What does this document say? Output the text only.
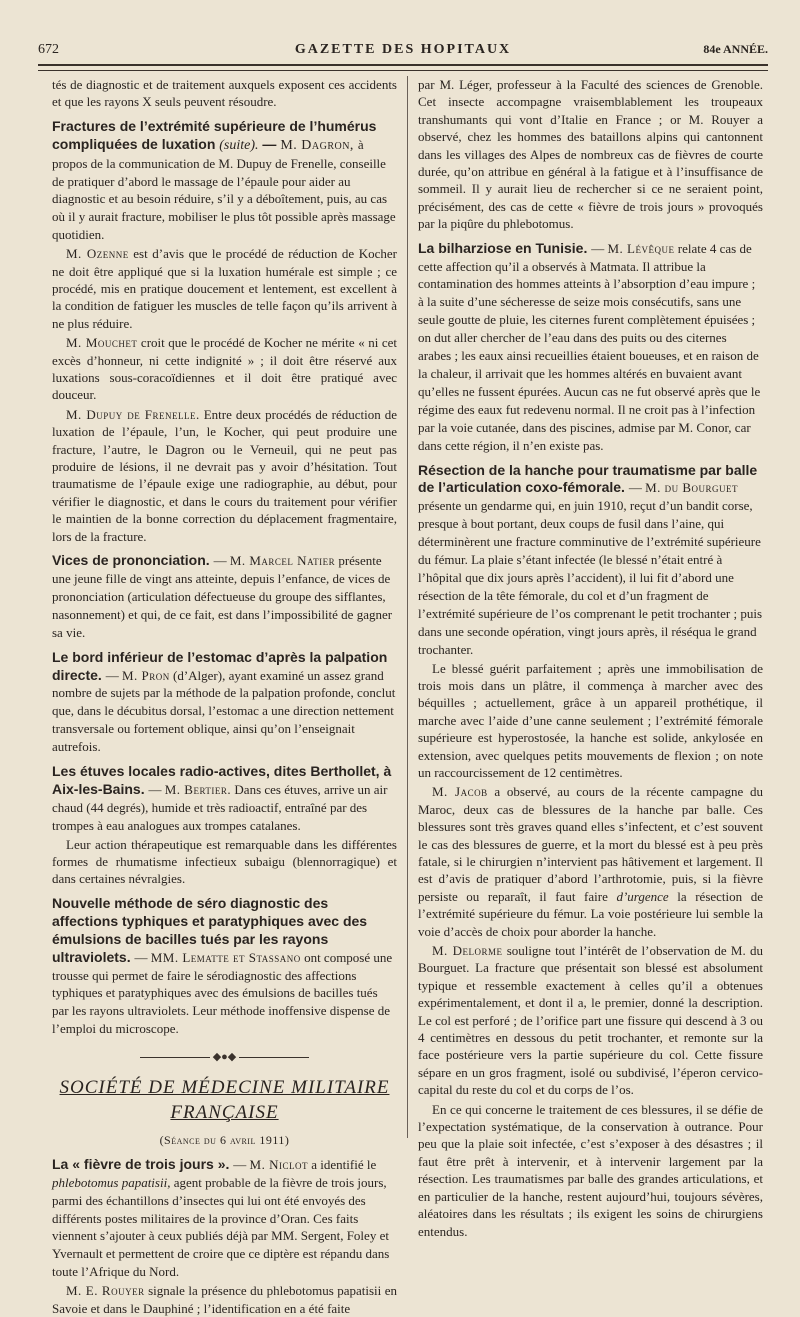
672	GAZETTE DES HOPITAUX	84e ANNÉE.

tés de diagnostic et de traitement auxquels exposent ces accidents et que les rayons X seuls peuvent résoudre.

Fractures de l’extrémité supérieure de l’humérus compliquées de luxation (suite). — M. Dagron, à propos de la communication de M. Dupuy de Frenelle, conseille de pratiquer d’abord le massage de l’épaule pour aider au diagnostic et au besoin réduire, s’il y a déboîtement, puis, au cas où il y aurait fracture, mobiliser le plus tôt possible après massage quotidien.

M. Ozenne est d’avis que le procédé de réduction de Kocher ne doit être appliqué que si la luxation humérale est simple ; ce procédé, mis en pratique doucement et lentement, est excellent à la condition de fatiguer les muscles de telle façon qu’ils arrivent à ne plus réduire.

M. Mouchet croit que le procédé de Kocher ne mérite « ni cet excès d’honneur, ni cette indignité » ; il doit être réservé aux luxations sous-coracoïdiennes et il doit être pratiqué avec douceur.

M. Dupuy de Frenelle. Entre deux procédés de réduction de luxation de l’épaule, l’un, le Kocher, qui peut produire une fracture, l’autre, le Dagron ou le Verneuil, qui ne peut pas produire de lésions, il ne devrait pas y avoir d’hésitation. Tout traumatisme de l’épaule exige une radiographie, au début, pour vérifier le diagnostic, et dans le cours du traitement pour vérifier le maintien de la bonne correction du déplacement fragmentaire, lors de la fracture.

Vices de prononciation. — M. Marcel Natier présente une jeune fille de vingt ans atteinte, depuis l’enfance, de vices de prononciation (articulation défectueuse du groupe des sifflantes, nasonnement) et qui, de ce fait, est dans l’impossibilité de gagner sa vie.
Le bord inférieur de l’estomac d’après la palpation directe. — M. Pron (d’Alger), ayant examiné un assez grand nombre de sujets par la méthode de la palpation profonde, conclut que, dans le décubitus dorsal, l’estomac a une direction nettement transversale ou fortement oblique, ainsi qu’on l’enseignait autrefois.
Les étuves locales radio-actives, dites Berthollet, à Aix-les-Bains. — M. Bertier. Dans ces étuves, arrive un air chaud (44 degrés), humide et très radioactif, entraîné par des trompes à eau analogues aux trompes catalanes.

Leur action thérapeutique est remarquable dans les différentes formes de rhumatisme infectieux subaigu (blennorragique) et dans certaines névralgies.

Nouvelle méthode de séro diagnostic des affections typhiques et paratyphiques avec des émulsions de bacilles tués par les rayons ultraviolets. — MM. Lematte et Stassano ont composé une trousse qui permet de faire le sérodiagnostic des affections typhiques et paratyphiques avec des émulsions de bacilles tués par les rayons ultraviolets. Leur méthode inoffensive dispense de l’emploi du microscope.
◆●◆
SOCIÉTÉ DE MÉDECINE MILITAIRE FRANÇAISE
(Séance du 6 avril 1911)
La « fièvre de trois jours ». — M. Niclot a identifié le phlebotomus papatisii, agent probable de la fièvre de trois jours, parmi des échantillons d’insectes qui lui ont été envoyés des différents postes militaires de la province d’Oran. Ces faits viennent s’ajouter à ceux publiés déjà par MM. Sergent, Foley et Yvernault et permettent de croire que ce diptère est répandu dans toute l’Afrique du Nord.

M. E. Rouyer signale la présence du phlebotomus papatisii en Savoie et dans le Dauphiné ; l’identification en a été faite

par M. Léger, professeur à la Faculté des sciences de Grenoble. Cet insecte accompagne vraisemblablement les troupeaux transhumants qui vont d’Italie en France ; or M. Rouyer a observé, chez les hommes des bataillons alpins qui cantonnent dans les villages des Alpes de nombreux cas de fièvres de courte durée, qu’on attribue en général à la fatigue et à l’insuffisance de sommeil. Il y aurait lieu de rechercher si ce ne seraient point, précisément, des cas de cette « fièvre de trois jours » provoqués par la piqûre du phlebotomus.

La bilharziose en Tunisie. — M. Lévêque relate 4 cas de cette affection qu’il a observés à Matmata. Il attribue la contamination des hommes atteints à l’absorption d’eau impure ; à la suite d’une sécheresse de seize mois consécutifs, sans une seule goutte de pluie, les citernes furent complètement épuisées ; on dut aller chercher de l’eau dans des puits ou des citernes arabes ; les eaux ainsi recueillies étaient boueuses, et en raison de la chaleur, il arrivait que les hommes altérés en buvaient avant qu’elles ne fussent épurées. Aucun cas ne fut observé après que le régime des eaux fut redevenu normal. Il ne croit pas à l’infection par la voie cutanée, dans des piscines, admise par M. Conor, car dans cette région, il n’en existe pas.
Résection de la hanche pour traumatisme par balle de l’articulation coxo-fémorale. — M. du Bourguet présente un gendarme qui, en juin 1910, reçut d’un bandit corse, presque à bout portant, deux coups de fusil dans l’aine, qui déterminèrent une fracture comminutive de l’extrémité supérieure du fémur. La plaie s’étant infectée (le blessé n’était entré à l’hôpital que dix jours après l’accident), il lui fit d’abord une résection de la tête fémorale, du col et d’un fragment de l’extrémité supérieure de l’os comprenant le petit trochanter ; puis dans une seconde opération, vingt jours après, il réséqua le grand trochanter.

Le blessé guérit parfaitement ; après une immobilisation de trois mois dans un plâtre, il commença à marcher avec des béquilles ; actuellement, grâce à un appareil prothétique, il marche avec l’aide d’une canne seulement ; l’extrémité fémorale supérieure est hyperostosée, la hanche est solide, ankylosée en extension, avec quelques petits mouvements de flexion ; on note un raccourcissement de 12 centimètres.

M. Jacob a observé, au cours de la récente campagne du Maroc, deux cas de blessures de la hanche par balle. Ces blessures sont très graves quand elles s’infectent, et c’est souvent le cas des blessures de guerre, et la mort du blessé est à peu près fatale, si le chirurgien n’intervient pas hâtivement et largement. Il est d’avis de pratiquer d’abord l’arthrotomie, puis, si la fièvre persiste ou reparaît, il faut faire d’urgence la résection de l’extrémité supérieure du fémur. La voie postérieure lui semble la voie d’accès de choix pour aborder la hanche.

M. Delorme souligne tout l’intérêt de l’observation de M. du Bourguet. La fracture que présentait son blessé est absolument typique et ressemble exactement à celles qu’il a obtenues expérimentalement, et dont il a, le premier, donné la description. Le col est perforé ; de l’orifice part une fissure qui descend à 3 ou 4 centimètres en dessous du petit trochanter, et remonte sur la face postérieure vers la partie supérieure du col. Cette fissure sépare en un gros fragment, isolé ou subdivisé, l’éperon cervico-capital du reste du col et du corps de l’os.

En ce qui concerne le traitement de ces blessures, il se défie de l’expectation systématique, de la conservation à outrance. Pour peu que la plaie soit infectée, c’est s’exposer à des désastres ; il faut être prêt à intervenir, et à intervenir largement par la résection. Les traumatismes par balle des grandes articulations, et en particulier de la hanche, restent aujourd’hui, toujours sévères, aléatoires dans les résultats ; ils exigent les soins de chirurgiens entendus.
